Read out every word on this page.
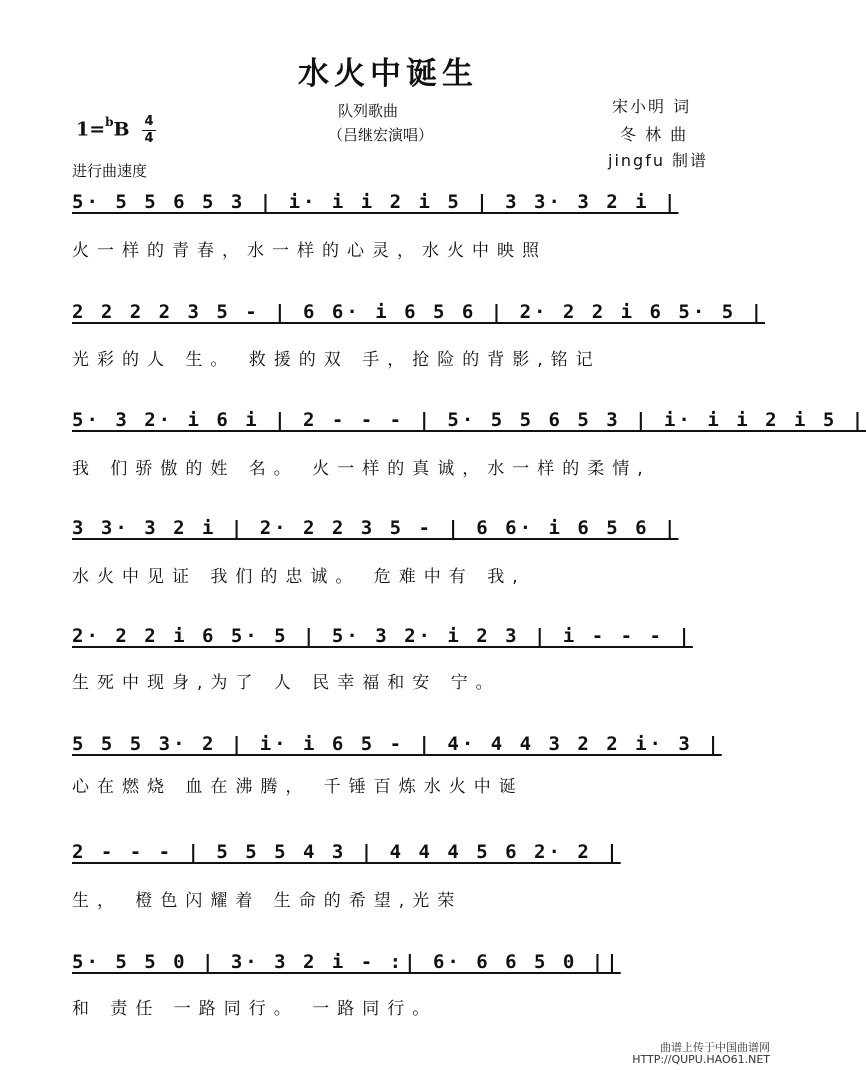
水火中诞生
队列歌曲
（吕继宏演唱）
宋小明 词
冬 林 曲
jingfu 制谱
1=$^b$B 4
4
进行曲速度
5· 5 5 6 5 3 | i· i i 2 i 5 | 3 3· 3 2 i |
火一样的青春，水一样的心灵，水火中映照
2 2 2 2 3 5 - | 6 6· i 6 5 6 | 2· 2 2 i 6 5· 5 |
光彩的人 生。 救援的双 手，抢险的背影,铭记
5· 3 2· i 6 i | 2 - - - | 5· 5 5 6 5 3 | i· i i 2 i 5 |
我 们骄傲的姓 名。 火一样的真诚，水一样的柔情,
3 3· 3 2 i | 2· 2 2 3 5 - | 6 6· i 6 5 6 |
水火中见证 我们的忠诚。 危难中有 我,
2· 2 2 i 6 5· 5 | 5· 3 2· i 2 3 | i - - - |
生死中现身,为了 人 民幸福和安 宁。
5 5 5 3· 2 | i· i 6 5 - | 4· 4 4 3 2 2 i· 3 |
心在燃烧 血在沸腾， 千锤百炼水火中诞
2 - - - | 5 5 5 4 3 | 4 4 4 5 6 2· 2 |
生， 橙色闪耀着 生命的希望,光荣
5· 5 5 0 | 3· 3 2 i - :| 6· 6 6 5 0 ||
和 责任 一路同行。 一路同行。
曲谱上传于中国曲谱网
HTTP://QUPU.HAO61.NET
